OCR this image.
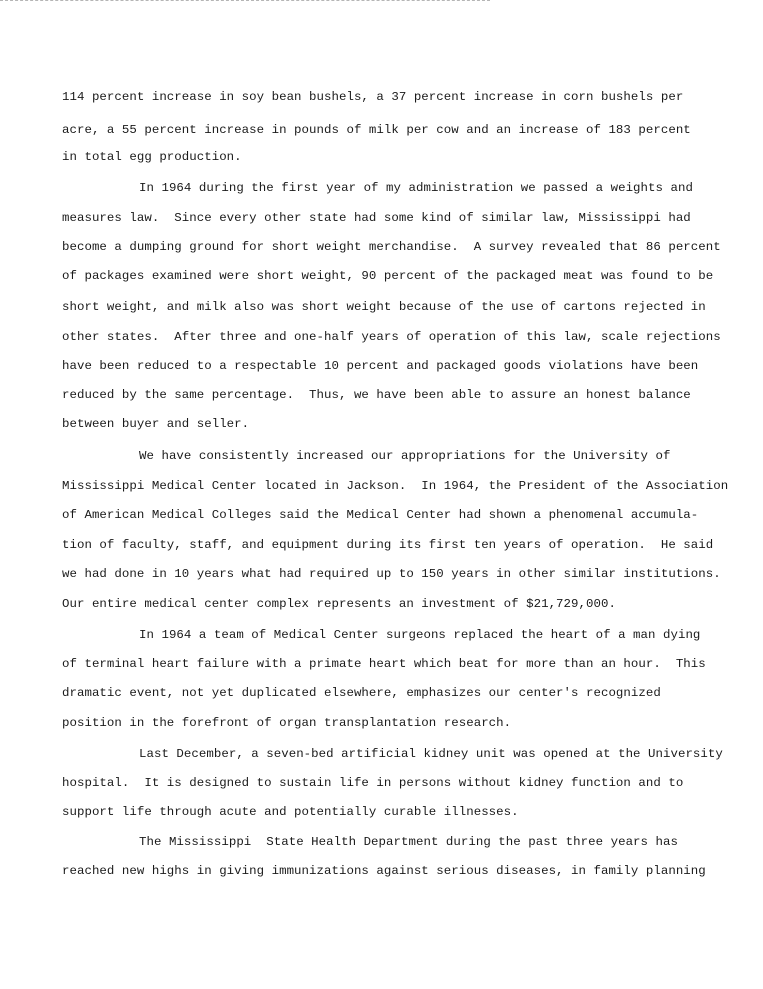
114 percent increase in soy bean bushels, a 37 percent increase in corn bushels per
acre, a 55 percent increase in pounds of milk per cow and an increase of 183 percent
in total egg production.
In 1964 during the first year of my administration we passed a weights and
measures law.  Since every other state had some kind of similar law, Mississippi had
become a dumping ground for short weight merchandise.  A survey revealed that 86 percent
of packages examined were short weight, 90 percent of the packaged meat was found to be
short weight, and milk also was short weight because of the use of cartons rejected in
other states.  After three and one-half years of operation of this law, scale rejections
have been reduced to a respectable 10 percent and packaged goods violations have been
reduced by the same percentage.  Thus, we have been able to assure an honest balance
between buyer and seller.
We have consistently increased our appropriations for the University of
Mississippi Medical Center located in Jackson.  In 1964, the President of the Association
of American Medical Colleges said the Medical Center had shown a phenomenal accumula-
tion of faculty, staff, and equipment during its first ten years of operation.  He said
we had done in 10 years what had required up to 150 years in other similar institutions.
Our entire medical center complex represents an investment of $21,729,000.
In 1964 a team of Medical Center surgeons replaced the heart of a man dying
of terminal heart failure with a primate heart which beat for more than an hour.  This
dramatic event, not yet duplicated elsewhere, emphasizes our center's recognized
position in the forefront of organ transplantation research.
Last December, a seven-bed artificial kidney unit was opened at the University
hospital.  It is designed to sustain life in persons without kidney function and to
support life through acute and potentially curable illnesses.
The Mississippi  State Health Department during the past three years has
reached new highs in giving immunizations against serious diseases, in family planning
